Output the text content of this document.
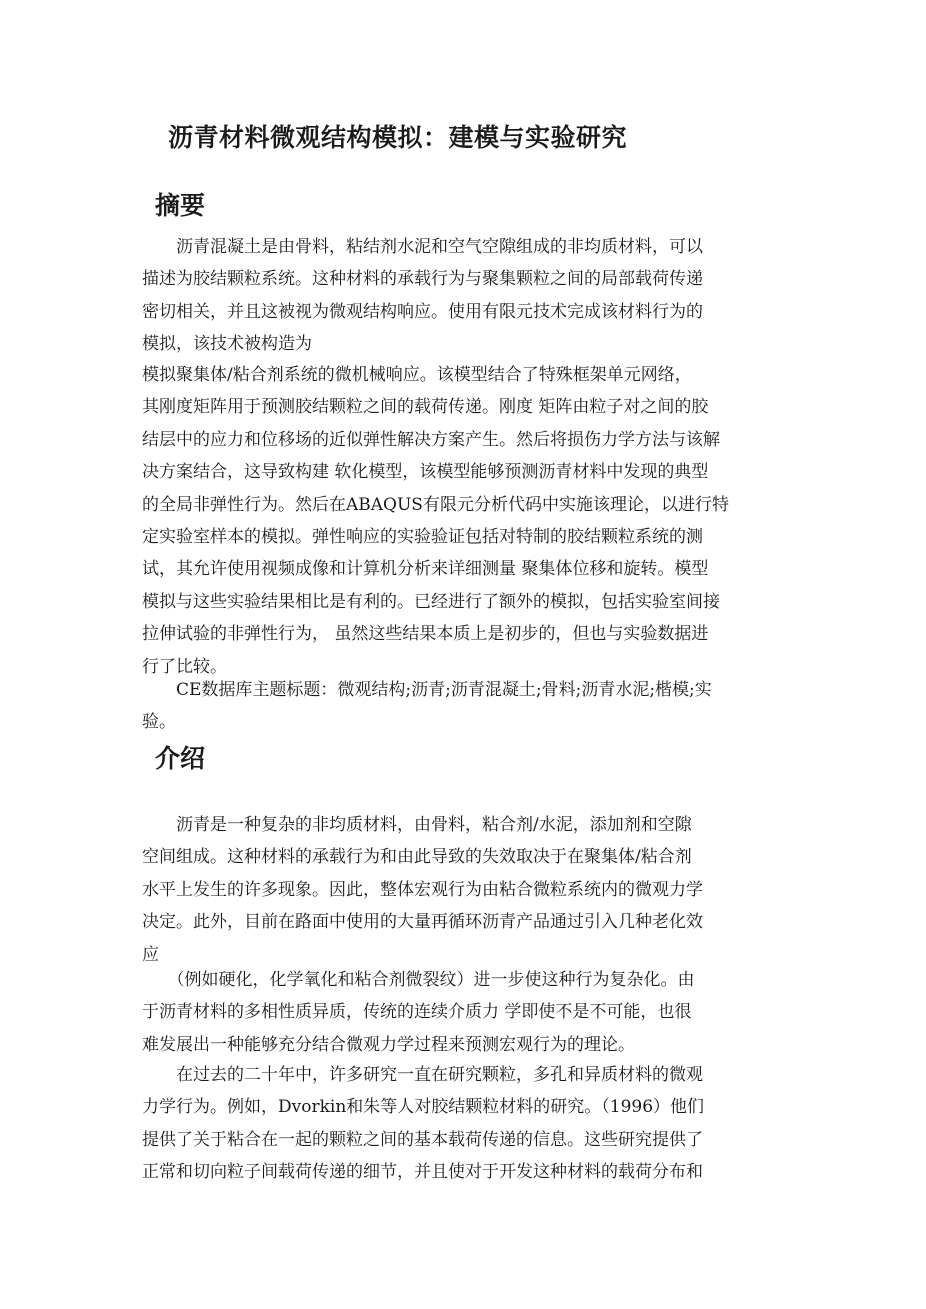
沥青材料微观结构模拟：建模与实验研究
摘要
　　沥青混凝土是由骨料，粘结剂水泥和空气空隙组成的非均质材料，可以
描述为胶结颗粒系统。这种材料的承载行为与聚集颗粒之间的局部载荷传递
密切相关，并且这被视为微观结构响应。使用有限元技术完成该材料行为的
模拟，该技术被构造为
模拟聚集体/粘合剂系统的微机械响应。该模型结合了特殊框架单元网络，
其刚度矩阵用于预测胶结颗粒之间的载荷传递。刚度 矩阵由粒子对之间的胶
结层中的应力和位移场的近似弹性解决方案产生。然后将损伤力学方法与该解
决方案结合，这导致构建 软化模型，该模型能够预测沥青材料中发现的典型
的全局非弹性行为。然后在ABAQUS有限元分析代码中实施该理论，以进行特
定实验室样本的模拟。弹性响应的实验验证包括对特制的胶结颗粒系统的测
试，其允许使用视频成像和计算机分析来详细测量 聚集体位移和旋转。模型
模拟与这些实验结果相比是有利的。已经进行了额外的模拟，包括实验室间接
拉伸试验的非弹性行为， 虽然这些结果本质上是初步的，但也与实验数据进
行了比较。
　　CE数据库主题标题：微观结构;沥青;沥青混凝土;骨料;沥青水泥;楷模;实
验。
介绍
　　沥青是一种复杂的非均质材料，由骨料，粘合剂/水泥，添加剂和空隙
空间组成。这种材料的承载行为和由此导致的失效取决于在聚集体/粘合剂
水平上发生的许多现象。因此，整体宏观行为由粘合微粒系统内的微观力学
决定。此外，目前在路面中使用的大量再循环沥青产品通过引入几种老化效
应
　　（例如硬化，化学氧化和粘合剂微裂纹）进一步使这种行为复杂化。由
于沥青材料的多相性质异质，传统的连续介质力 学即使不是不可能，也很
难发展出一种能够充分结合微观力学过程来预测宏观行为的理论。
　　在过去的二十年中，许多研究一直在研究颗粒，多孔和异质材料的微观
力学行为。例如，Dvorkin和朱等人对胶结颗粒材料的研究。（1996）他们
提供了关于粘合在一起的颗粒之间的基本载荷传递的信息。这些研究提供了
正常和切向粒子间载荷传递的细节，并且使对于开发这种材料的载荷分布和
